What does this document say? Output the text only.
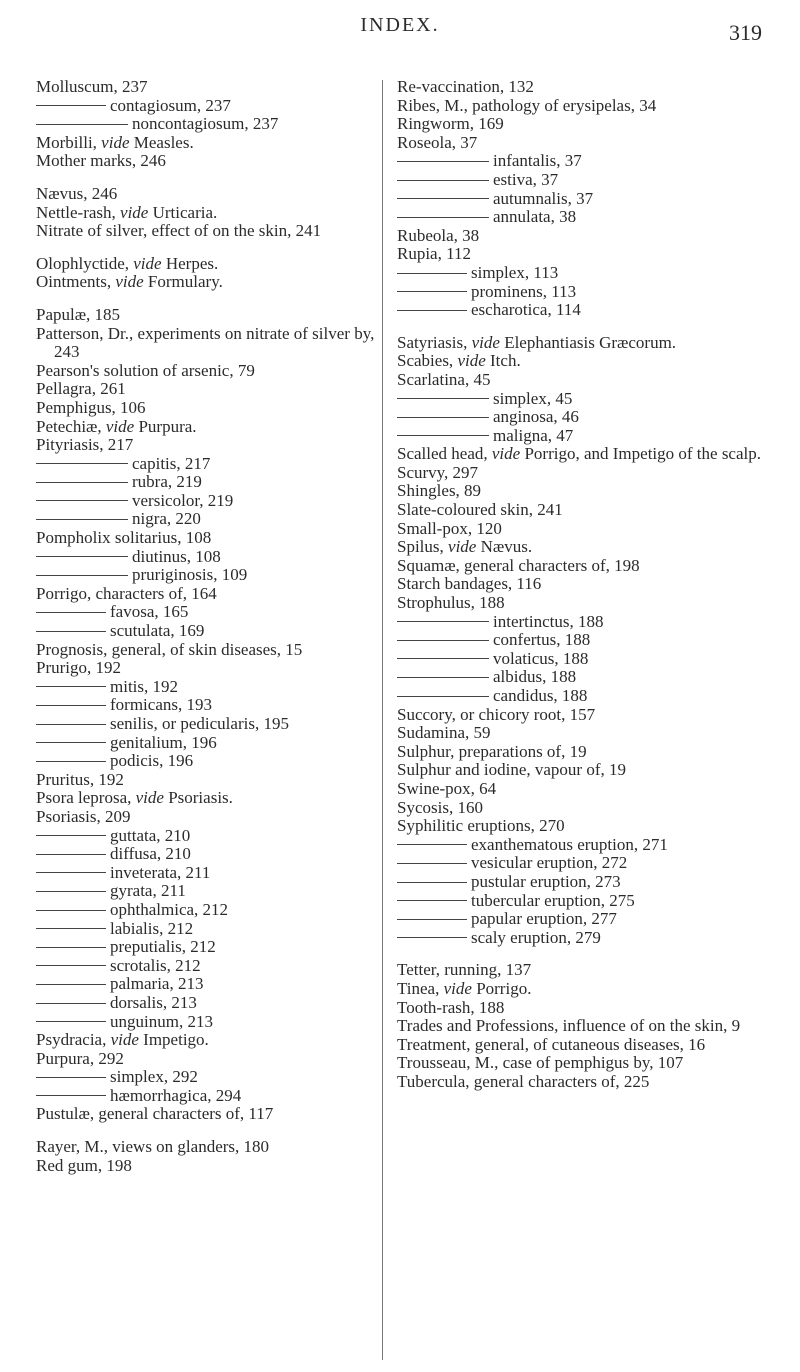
INDEX.	319
Molluscum, 237
contagiosum, 237
noncontagiosum, 237
Morbilli, vide Measles.
Mother marks, 246
Nævus, 246
Nettle-rash, vide Urticaria.
Nitrate of silver, effect of on the skin, 241
Olophlyctide, vide Herpes.
Ointments, vide Formulary.
Papulæ, 185
Patterson, Dr., experiments on nitrate of silver by, 243
Pearson's solution of arsenic, 79
Pellagra, 261
Pemphigus, 106
Petechiæ, vide Purpura.
Pityriasis, 217
capitis, 217
rubra, 219
versicolor, 219
nigra, 220
Pompholix solitarius, 108
diutinus, 108
pruriginosis, 109
Porrigo, characters of, 164
favosa, 165
scutulata, 169
Prognosis, general, of skin diseases, 15
Prurigo, 192
mitis, 192
formicans, 193
senilis, or pedicularis, 195
genitalium, 196
podicis, 196
Pruritus, 192
Psora leprosa, vide Psoriasis.
Psoriasis, 209
guttata, 210
diffusa, 210
inveterata, 211
gyrata, 211
ophthalmica, 212
labialis, 212
preputialis, 212
scrotalis, 212
palmaria, 213
dorsalis, 213
unguinum, 213
Psydracia, vide Impetigo.
Purpura, 292
simplex, 292
hæmorrhagica, 294
Pustulæ, general characters of, 117
Rayer, M., views on glanders, 180
Red gum, 198
Re-vaccination, 132
Ribes, M., pathology of erysipelas, 34
Ringworm, 169
Roseola, 37
infantalis, 37
estiva, 37
autumnalis, 37
annulata, 38
Rubeola, 38
Rupia, 112
simplex, 113
prominens, 113
escharotica, 114
Satyriasis, vide Elephantiasis Græcorum.
Scabies, vide Itch.
Scarlatina, 45
simplex, 45
anginosa, 46
maligna, 47
Scalled head, vide Porrigo, and Impetigo of the scalp.
Scurvy, 297
Shingles, 89
Slate-coloured skin, 241
Small-pox, 120
Spilus, vide Nævus.
Squamæ, general characters of, 198
Starch bandages, 116
Strophulus, 188
intertinctus, 188
confertus, 188
volaticus, 188
albidus, 188
candidus, 188
Succory, or chicory root, 157
Sudamina, 59
Sulphur, preparations of, 19
Sulphur and iodine, vapour of, 19
Swine-pox, 64
Sycosis, 160
Syphilitic eruptions, 270
exanthematous eruption, 271
vesicular eruption, 272
pustular eruption, 273
tubercular eruption, 275
papular eruption, 277
scaly eruption, 279
Tetter, running, 137
Tinea, vide Porrigo.
Tooth-rash, 188
Trades and Professions, influence of on the skin, 9
Treatment, general, of cutaneous diseases, 16
Trousseau, M., case of pemphigus by, 107
Tubercula, general characters of, 225
